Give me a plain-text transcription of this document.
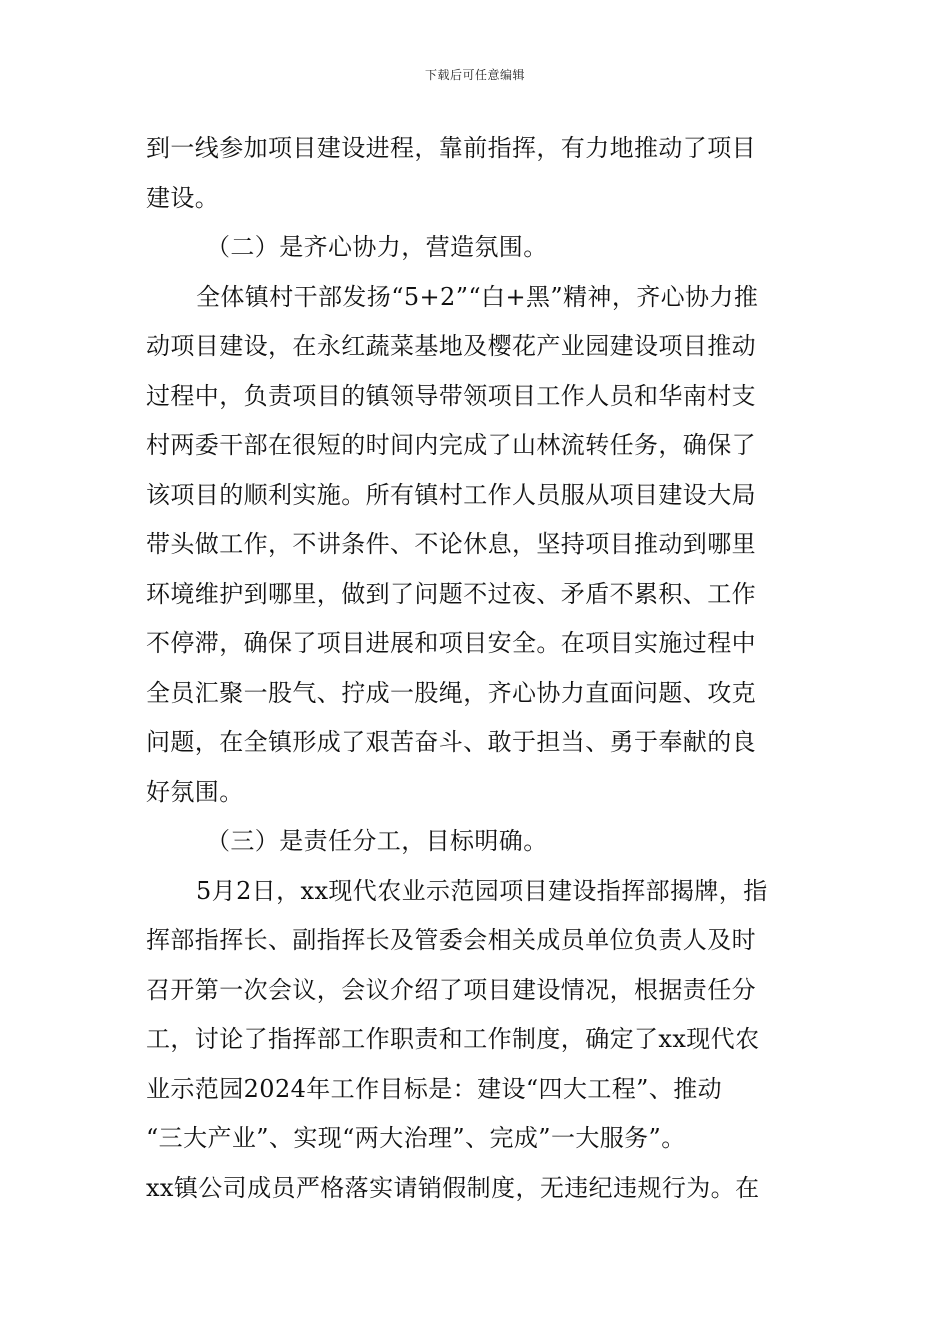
下载后可任意编辑
到一线参加项目建设进程，靠前指挥，有力地推动了项目
建设。
（二）是齐心协力，营造氛围。
全体镇村干部发扬“5+2”“白+黑”精神，齐心协力推
动项目建设，在永红蔬菜基地及樱花产业园建设项目推动
过程中，负责项目的镇领导带领项目工作人员和华南村支
村两委干部在很短的时间内完成了山林流转任务，确保了
该项目的顺利实施。所有镇村工作人员服从项目建设大局
带头做工作，不讲条件、不论休息，坚持项目推动到哪里
环境维护到哪里，做到了问题不过夜、矛盾不累积、工作
不停滞，确保了项目进展和项目安全。在项目实施过程中
全员汇聚一股气、拧成一股绳，齐心协力直面问题、攻克
问题，在全镇形成了艰苦奋斗、敢于担当、勇于奉献的良
好氛围。
（三）是责任分工，目标明确。
5月2日，xx现代农业示范园项目建设指挥部揭牌，指
挥部指挥长、副指挥长及管委会相关成员单位负责人及时
召开第一次会议，会议介绍了项目建设情况，根据责任分
工，讨论了指挥部工作职责和工作制度，确定了xx现代农
业示范园2024年工作目标是：建设“四大工程”、推动
“三大产业”、实现“两大治理”、完成”一大服务”。
xx镇公司成员严格落实请销假制度，无违纪违规行为。在
